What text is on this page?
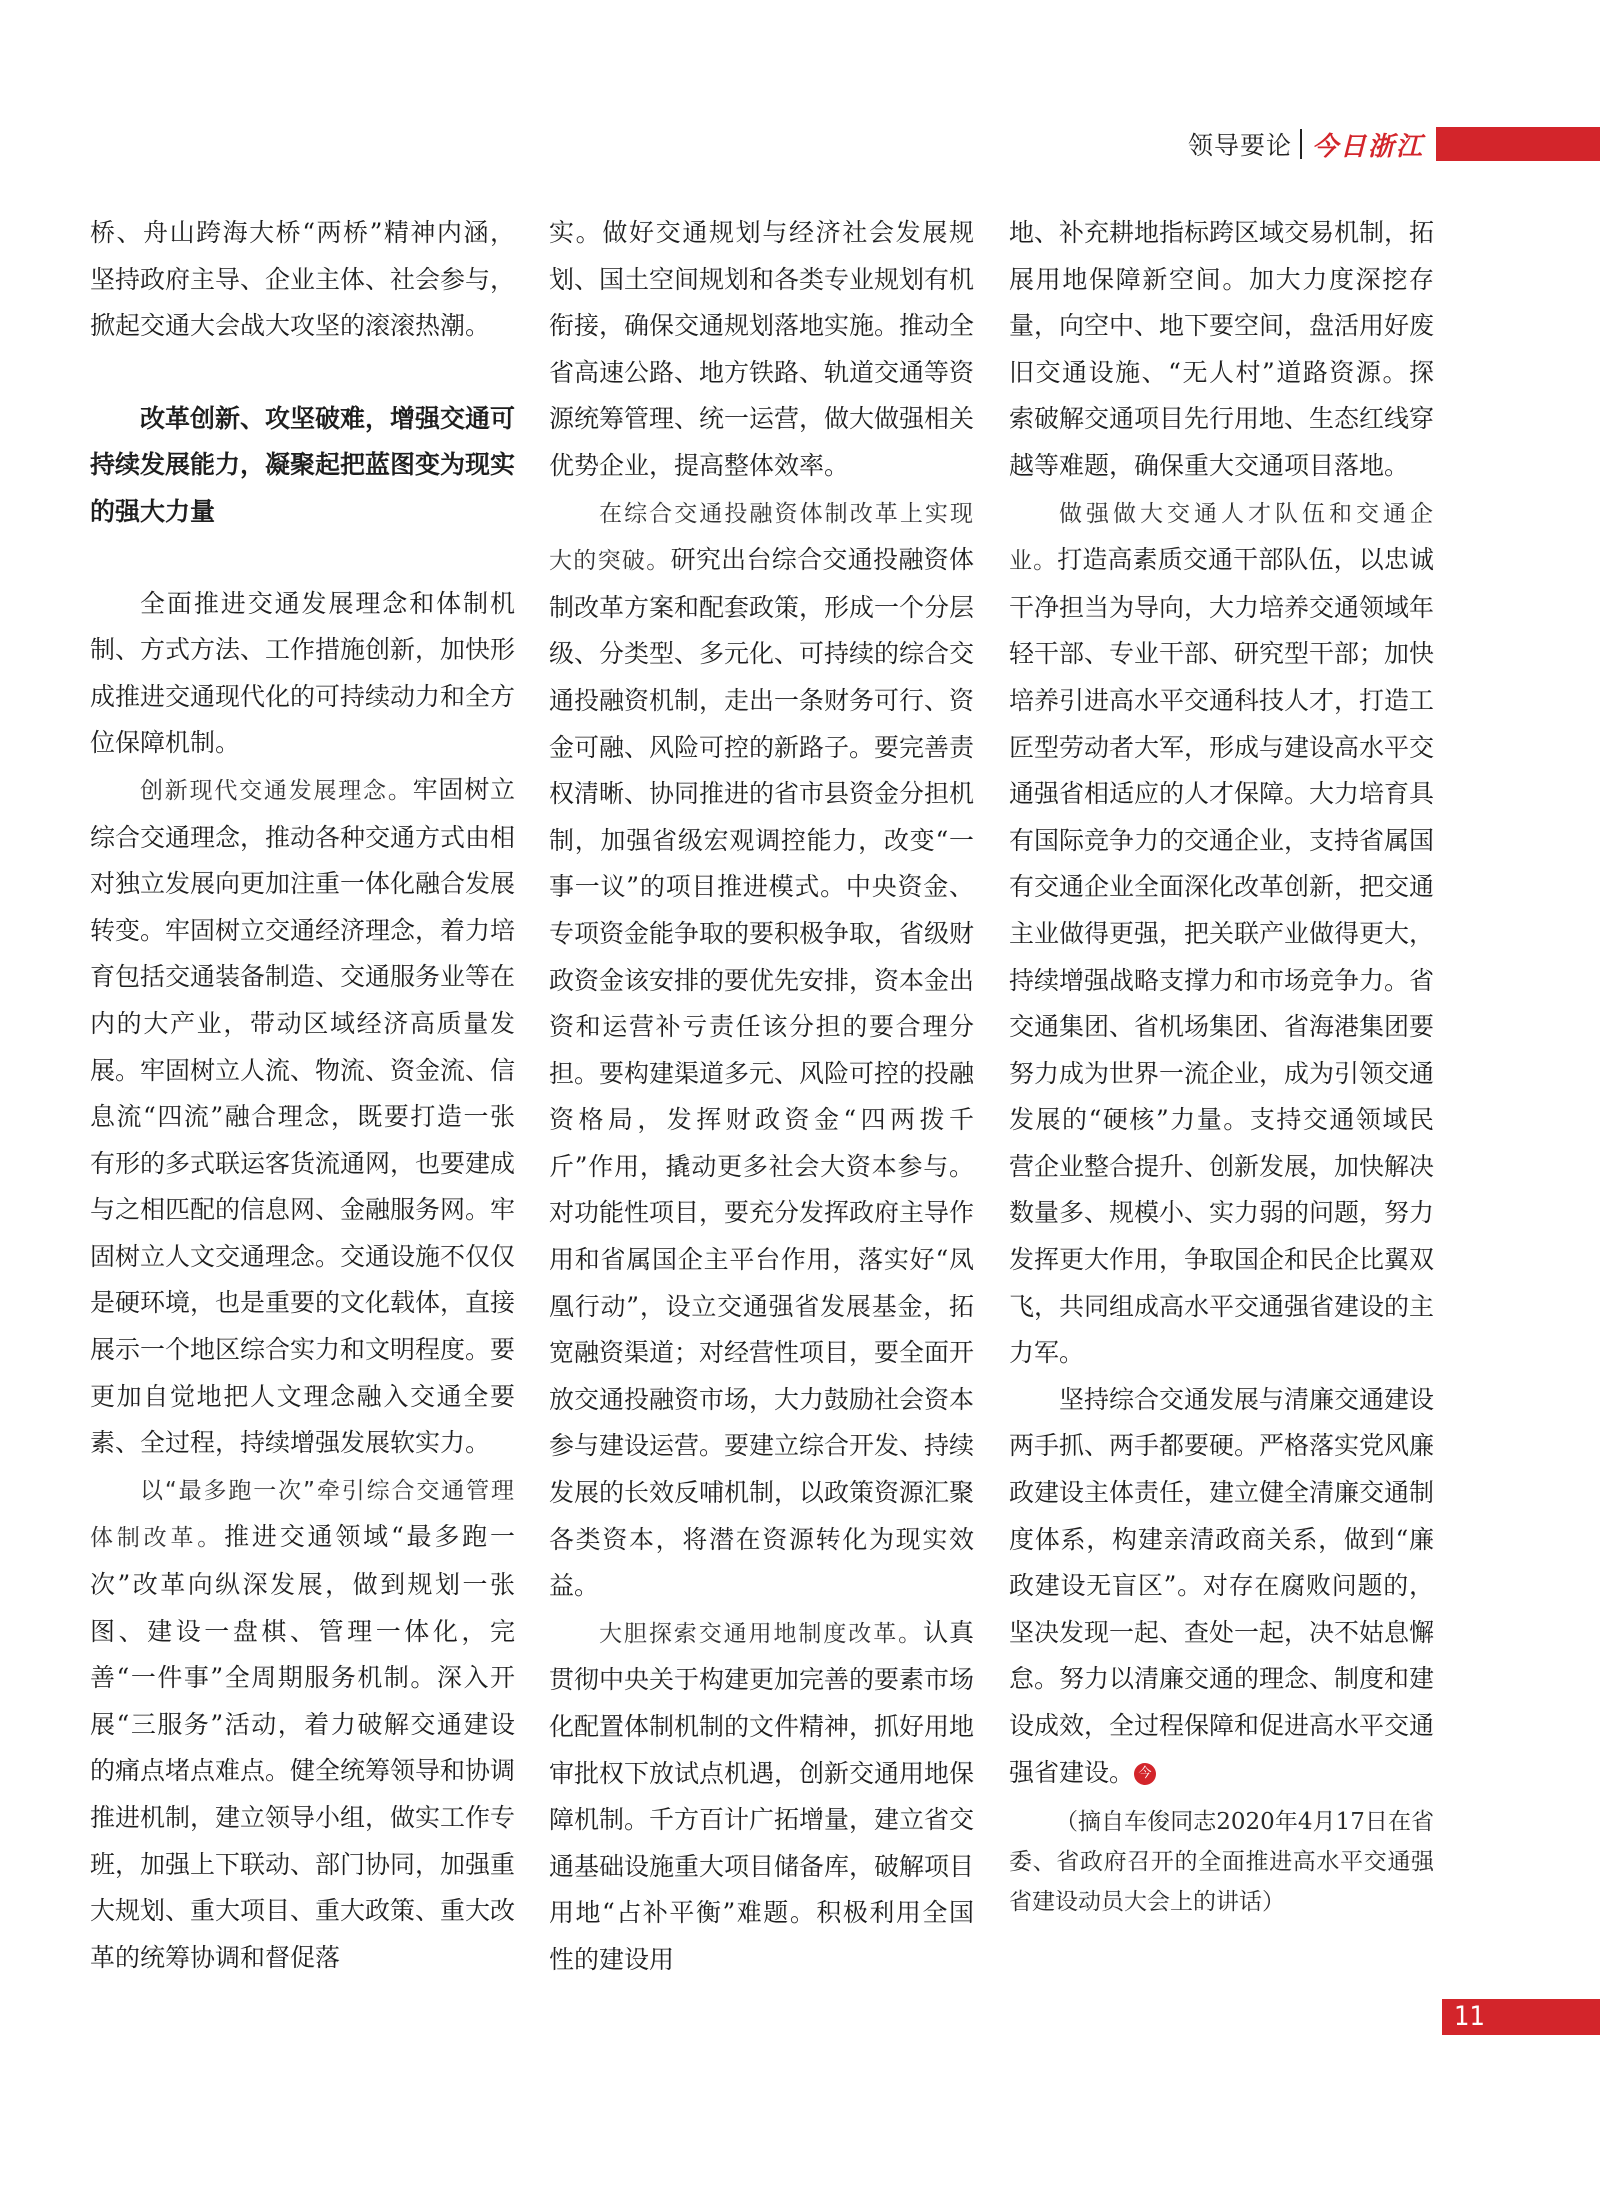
领导要论 今日浙江

桥、舟山跨海大桥“两桥”精神内涵，坚持政府主导、企业主体、社会参与，掀起交通大会战大攻坚的滚滚热潮。

改革创新、攻坚破难，增强交通可持续发展能力，凝聚起把蓝图变为现实的强大力量

全面推进交通发展理念和体制机制、方式方法、工作措施创新，加快形成推进交通现代化的可持续动力和全方位保障机制。

创新现代交通发展理念。牢固树立综合交通理念，推动各种交通方式由相对独立发展向更加注重一体化融合发展转变。牢固树立交通经济理念，着力培育包括交通装备制造、交通服务业等在内的大产业，带动区域经济高质量发展。牢固树立人流、物流、资金流、信息流“四流”融合理念，既要打造一张有形的多式联运客货流通网，也要建成与之相匹配的信息网、金融服务网。牢固树立人文交通理念。交通设施不仅仅是硬环境，也是重要的文化载体，直接展示一个地区综合实力和文明程度。要更加自觉地把人文理念融入交通全要素、全过程，持续增强发展软实力。

以“最多跑一次”牵引综合交通管理体制改革。推进交通领域“最多跑一次”改革向纵深发展，做到规划一张图、建设一盘棋、管理一体化，完善“一件事”全周期服务机制。深入开展“三服务”活动，着力破解交通建设的痛点堵点难点。健全统筹领导和协调推进机制，建立领导小组，做实工作专班，加强上下联动、部门协同，加强重大规划、重大项目、重大政策、重大改革的统筹协调和督促落

实。做好交通规划与经济社会发展规划、国土空间规划和各类专业规划有机衔接，确保交通规划落地实施。推动全省高速公路、地方铁路、轨道交通等资源统筹管理、统一运营，做大做强相关优势企业，提高整体效率。

在综合交通投融资体制改革上实现大的突破。研究出台综合交通投融资体制改革方案和配套政策，形成一个分层级、分类型、多元化、可持续的综合交通投融资机制，走出一条财务可行、资金可融、风险可控的新路子。要完善责权清晰、协同推进的省市县资金分担机制，加强省级宏观调控能力，改变“一事一议”的项目推进模式。中央资金、专项资金能争取的要积极争取，省级财政资金该安排的要优先安排，资本金出资和运营补亏责任该分担的要合理分担。要构建渠道多元、风险可控的投融资格局，发挥财政资金“四两拨千斤”作用，撬动更多社会大资本参与。对功能性项目，要充分发挥政府主导作用和省属国企主平台作用，落实好“凤凰行动”，设立交通强省发展基金，拓宽融资渠道；对经营性项目，要全面开放交通投融资市场，大力鼓励社会资本参与建设运营。要建立综合开发、持续发展的长效反哺机制，以政策资源汇聚各类资本，将潜在资源转化为现实效益。

大胆探索交通用地制度改革。认真贯彻中央关于构建更加完善的要素市场化配置体制机制的文件精神，抓好用地审批权下放试点机遇，创新交通用地保障机制。千方百计广拓增量，建立省交通基础设施重大项目储备库，破解项目用地“占补平衡”难题。积极利用全国性的建设用

地、补充耕地指标跨区域交易机制，拓展用地保障新空间。加大力度深挖存量，向空中、地下要空间，盘活用好废旧交通设施、“无人村”道路资源。探索破解交通项目先行用地、生态红线穿越等难题，确保重大交通项目落地。

做强做大交通人才队伍和交通企业。打造高素质交通干部队伍，以忠诚干净担当为导向，大力培养交通领域年轻干部、专业干部、研究型干部；加快培养引进高水平交通科技人才，打造工匠型劳动者大军，形成与建设高水平交通强省相适应的人才保障。大力培育具有国际竞争力的交通企业，支持省属国有交通企业全面深化改革创新，把交通主业做得更强，把关联产业做得更大，持续增强战略支撑力和市场竞争力。省交通集团、省机场集团、省海港集团要努力成为世界一流企业，成为引领交通发展的“硬核”力量。支持交通领域民营企业整合提升、创新发展，加快解决数量多、规模小、实力弱的问题，努力发挥更大作用，争取国企和民企比翼双飞，共同组成高水平交通强省建设的主力军。

坚持综合交通发展与清廉交通建设两手抓、两手都要硬。严格落实党风廉政建设主体责任，建立健全清廉交通制度体系，构建亲清政商关系，做到“廉政建设无盲区”。对存在腐败问题的，坚决发现一起、查处一起，决不姑息懈怠。努力以清廉交通的理念、制度和建设成效，全过程保障和促进高水平交通强省建设。 今

（摘自车俊同志2020年4月17日在省委、省政府召开的全面推进高水平交通强省建设动员大会上的讲话）

11
